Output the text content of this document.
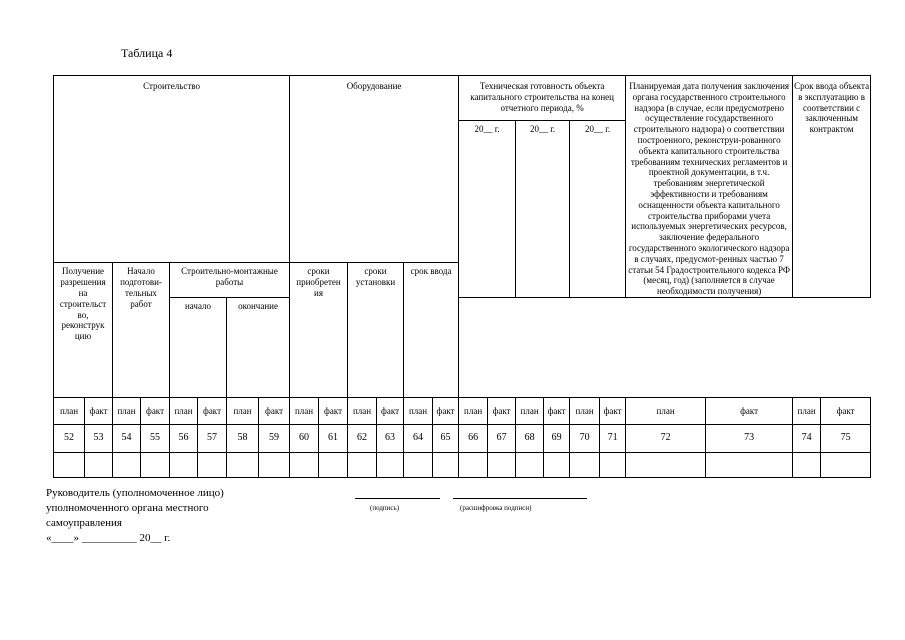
Таблица 4
Строительство								Оборудование						Техническая готовность объекта капитального строительства на конец отчетного периода, %						Планируемая дата получения заключения органа государственного строительного надзора (в случае, если предусмотрено осуществление государственного строительного надзора) о соответствии построенного, реконструи-рованного объекта капитального строительства требованиям технических регламентов и проектной документации, в т.ч. требованиям энергетической эффективности и требованиям оснащенности объекта капитального строительства приборами учета используемых энергетических ресурсов, заключение федерального государственного экологического надзора в случаях, предусмот-ренных частью 7 статьи 54 Градостроительного кодекса РФ (месяц, год) (заполняется в случае необходимости получения)		Срок ввода объекта в эксплуатацию в соответствии с заключенным контрактом	
														20__ г.		20__ г.		20__ г.					

Получение разрешения на строительст во, реконструк цию		Начало подготови-тельных работ		Строительно-монтажные работы				сроки приобретен ия		сроки установки		срок ввода											
				начало		окончание																	
план	факт	план	факт	план	факт	план	факт	план	факт	план	факт	план	факт	план	факт	план	факт	план	факт	план	факт	план	факт
52	53	54	55	56	57	58	59	60	61	62	63	64	65	66	67	68	69	70	71	72	73	74	75

Руководитель (уполномоченное лицо)
уполномоченного органа местного
самоуправления
«____» __________ 20__ г.
(подпись)	(расшифровка подписи)
